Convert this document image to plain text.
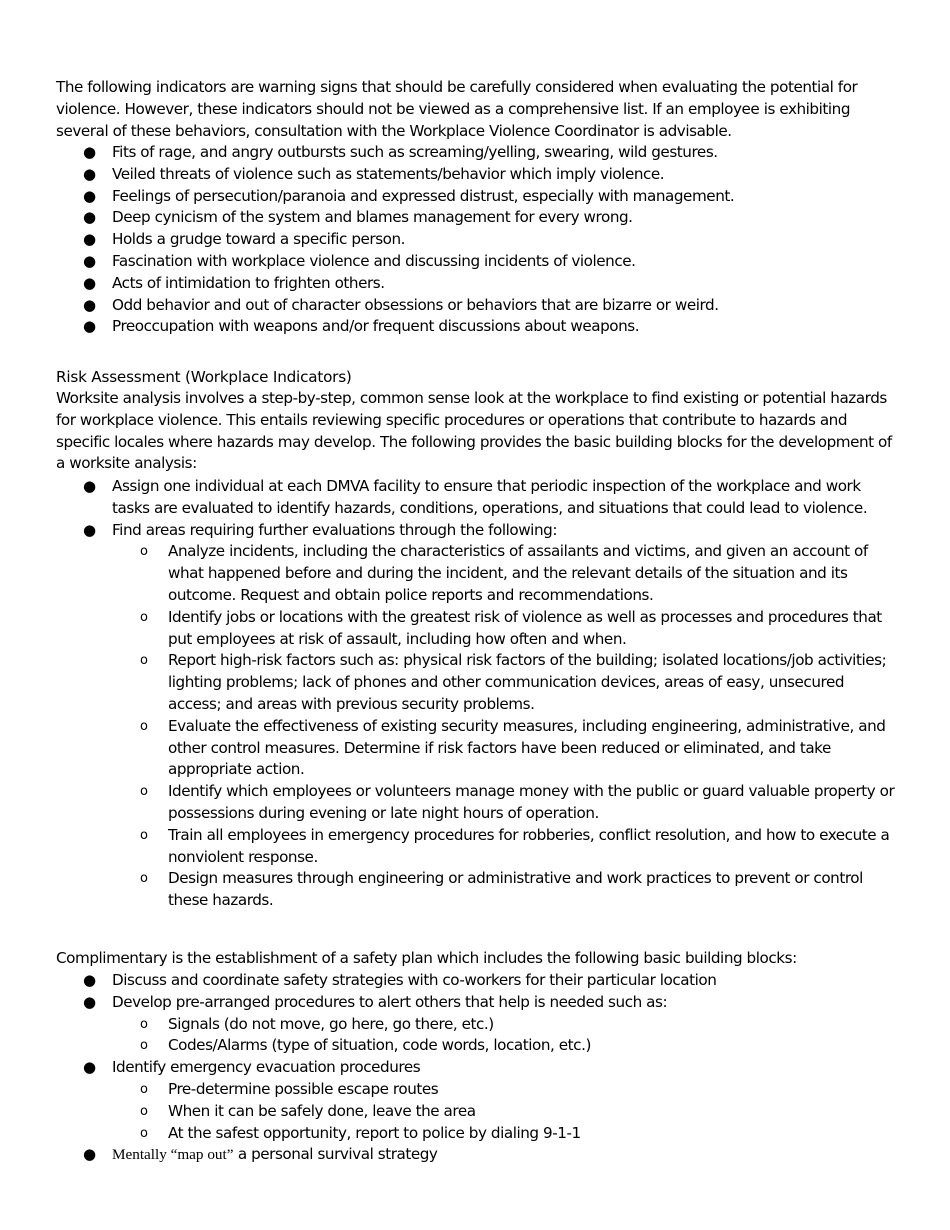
The following indicators are warning signs that should be carefully considered when evaluating the potential for violence. However, these indicators should not be viewed as a comprehensive list. If an employee is exhibiting several of these behaviors, consultation with the Workplace Violence Coordinator is advisable.

● Fits of rage, and angry outbursts such as screaming/yelling, swearing, wild gestures.
● Veiled threats of violence such as statements/behavior which imply violence.
● Feelings of persecution/paranoia and expressed distrust, especially with management.
● Deep cynicism of the system and blames management for every wrong.
● Holds a grudge toward a specific person.
● Fascination with workplace violence and discussing incidents of violence.
● Acts of intimidation to frighten others.
● Odd behavior and out of character obsessions or behaviors that are bizarre or weird.
● Preoccupation with weapons and/or frequent discussions about weapons.

Risk Assessment (Workplace Indicators)

Worksite analysis involves a step-by-step, common sense look at the workplace to find existing or potential hazards for workplace violence. This entails reviewing specific procedures or operations that contribute to hazards and specific locales where hazards may develop. The following provides the basic building blocks for the development of a worksite analysis:

● Assign one individual at each DMVA facility to ensure that periodic inspection of the workplace and work tasks are evaluated to identify hazards, conditions, operations, and situations that could lead to violence.
● Find areas requiring further evaluations through the following:
o Analyze incidents, including the characteristics of assailants and victims, and given an account of what happened before and during the incident, and the relevant details of the situation and its outcome. Request and obtain police reports and recommendations.
o Identify jobs or locations with the greatest risk of violence as well as processes and procedures that put employees at risk of assault, including how often and when.
o Report high-risk factors such as: physical risk factors of the building; isolated locations/job activities; lighting problems; lack of phones and other communication devices, areas of easy, unsecured access; and areas with previous security problems.
o Evaluate the effectiveness of existing security measures, including engineering, administrative, and other control measures. Determine if risk factors have been reduced or eliminated, and take appropriate action.
o Identify which employees or volunteers manage money with the public or guard valuable property or possessions during evening or late night hours of operation.
o Train all employees in emergency procedures for robberies, conflict resolution, and how to execute a nonviolent response.
o Design measures through engineering or administrative and work practices to prevent or control these hazards.

Complimentary is the establishment of a safety plan which includes the following basic building blocks:

● Discuss and coordinate safety strategies with co-workers for their particular location
● Develop pre-arranged procedures to alert others that help is needed such as:
o Signals (do not move, go here, go there, etc.)
o Codes/Alarms (type of situation, code words, location, etc.)
● Identify emergency evacuation procedures
o Pre-determine possible escape routes
o When it can be safely done, leave the area
o At the safest opportunity, report to police by dialing 9-1-1
● Mentally “map out” a personal survival strategy
